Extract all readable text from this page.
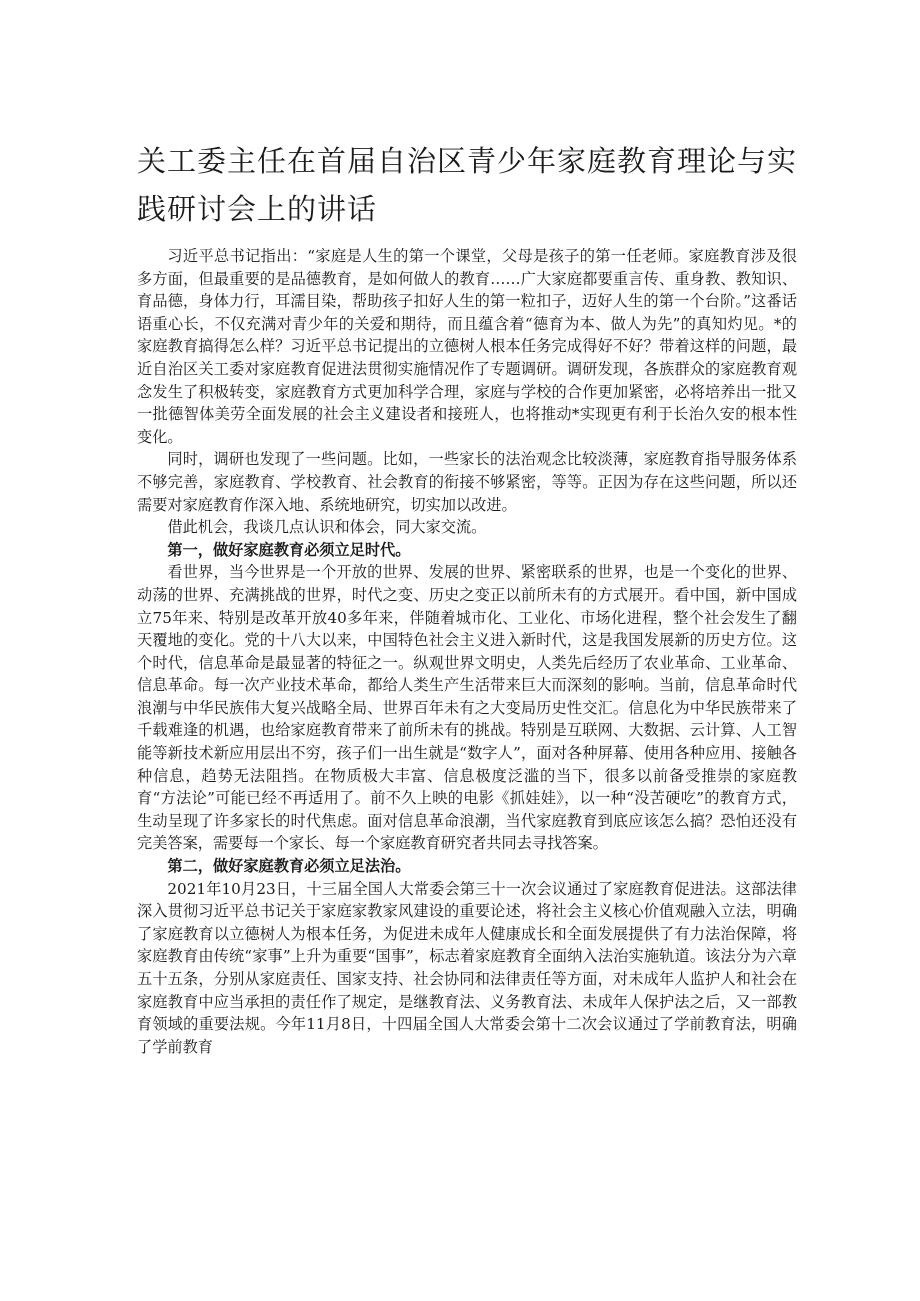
关工委主任在首届自治区青少年家庭教育理论与实践研讨会上的讲话

习近平总书记指出：“家庭是人生的第一个课堂，父母是孩子的第一任老师。家庭教育涉及很多方面，但最重要的是品德教育，是如何做人的教育……广大家庭都要重言传、重身教、教知识、育品德，身体力行，耳濡目染，帮助孩子扣好人生的第一粒扣子，迈好人生的第一个台阶。”这番话语重心长，不仅充满对青少年的关爱和期待，而且蕴含着“德育为本、做人为先”的真知灼见。*的家庭教育搞得怎么样？习近平总书记提出的立德树人根本任务完成得好不好？带着这样的问题，最近自治区关工委对家庭教育促进法贯彻实施情况作了专题调研。调研发现，各族群众的家庭教育观念发生了积极转变，家庭教育方式更加科学合理，家庭与学校的合作更加紧密，必将培养出一批又一批德智体美劳全面发展的社会主义建设者和接班人，也将推动*实现更有利于长治久安的根本性变化。

同时，调研也发现了一些问题。比如，一些家长的法治观念比较淡薄，家庭教育指导服务体系不够完善，家庭教育、学校教育、社会教育的衔接不够紧密，等等。正因为存在这些问题，所以还需要对家庭教育作深入地、系统地研究，切实加以改进。

借此机会，我谈几点认识和体会，同大家交流。

第一，做好家庭教育必须立足时代。

看世界，当今世界是一个开放的世界、发展的世界、紧密联系的世界，也是一个变化的世界、动荡的世界、充满挑战的世界，时代之变、历史之变正以前所未有的方式展开。看中国，新中国成立75年来、特别是改革开放40多年来，伴随着城市化、工业化、市场化进程，整个社会发生了翻天覆地的变化。党的十八大以来，中国特色社会主义进入新时代，这是我国发展新的历史方位。这个时代，信息革命是最显著的特征之一。纵观世界文明史，人类先后经历了农业革命、工业革命、信息革命。每一次产业技术革命，都给人类生产生活带来巨大而深刻的影响。当前，信息革命时代浪潮与中华民族伟大复兴战略全局、世界百年未有之大变局历史性交汇。信息化为中华民族带来了千载难逢的机遇，也给家庭教育带来了前所未有的挑战。特别是互联网、大数据、云计算、人工智能等新技术新应用层出不穷，孩子们一出生就是“数字人”，面对各种屏幕、使用各种应用、接触各种信息，趋势无法阻挡。在物质极大丰富、信息极度泛滥的当下，很多以前备受推崇的家庭教育“方法论”可能已经不再适用了。前不久上映的电影《抓娃娃》，以一种“没苦硬吃”的教育方式，生动呈现了许多家长的时代焦虑。面对信息革命浪潮，当代家庭教育到底应该怎么搞？恐怕还没有完美答案，需要每一个家长、每一个家庭教育研究者共同去寻找答案。

第二，做好家庭教育必须立足法治。

2021年10月23日，十三届全国人大常委会第三十一次会议通过了家庭教育促进法。这部法律深入贯彻习近平总书记关于家庭家教家风建设的重要论述，将社会主义核心价值观融入立法，明确了家庭教育以立德树人为根本任务，为促进未成年人健康成长和全面发展提供了有力法治保障，将家庭教育由传统“家事”上升为重要“国事”，标志着家庭教育全面纳入法治实施轨道。该法分为六章五十五条，分别从家庭责任、国家支持、社会协同和法律责任等方面，对未成年人监护人和社会在家庭教育中应当承担的责任作了规定，是继教育法、义务教育法、未成年人保护法之后，又一部教育领域的重要法规。今年11月8日，十四届全国人大常委会第十二次会议通过了学前教育法，明确了学前教育
